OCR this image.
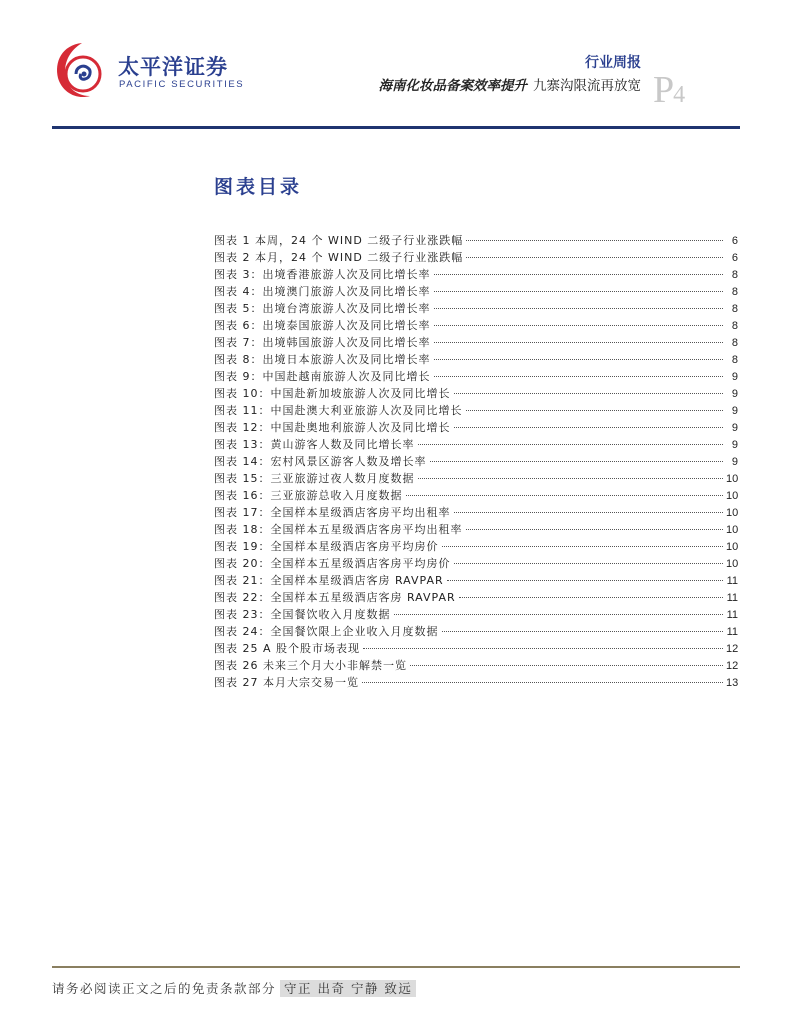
太平洋证券
PACIFIC SECURITIES
行业周报
海南化妆品备案效率提升 九寨沟限流再放宽 P4
图表目录
图表 1 本周，24 个 WIND 二级子行业涨跌幅	6
图表 2 本月，24 个 WIND 二级子行业涨跌幅	6
图表 3：出境香港旅游人次及同比增长率	8
图表 4：出境澳门旅游人次及同比增长率	8
图表 5：出境台湾旅游人次及同比增长率	8
图表 6：出境泰国旅游人次及同比增长率	8
图表 7：出境韩国旅游人次及同比增长率	8
图表 8：出境日本旅游人次及同比增长率	8
图表 9：中国赴越南旅游人次及同比增长	9
图表 10：中国赴新加坡旅游人次及同比增长	9
图表 11：中国赴澳大利亚旅游人次及同比增长	9
图表 12：中国赴奥地利旅游人次及同比增长	9
图表 13：黄山游客人数及同比增长率	9
图表 14：宏村风景区游客人数及增长率	9
图表 15：三亚旅游过夜人数月度数据	10
图表 16：三亚旅游总收入月度数据	10
图表 17：全国样本星级酒店客房平均出租率	10
图表 18：全国样本五星级酒店客房平均出租率	10
图表 19：全国样本星级酒店客房平均房价	10
图表 20：全国样本五星级酒店客房平均房价	10
图表 21：全国样本星级酒店客房 RAVPAR	11
图表 22：全国样本五星级酒店客房 RAVPAR	11
图表 23：全国餐饮收入月度数据	11
图表 24：全国餐饮限上企业收入月度数据	11
图表 25 A 股个股市场表现	12
图表 26 未来三个月大小非解禁一览	12
图表 27 本月大宗交易一览	13
请务必阅读正文之后的免责条款部分 守正 出奇 宁静 致远
